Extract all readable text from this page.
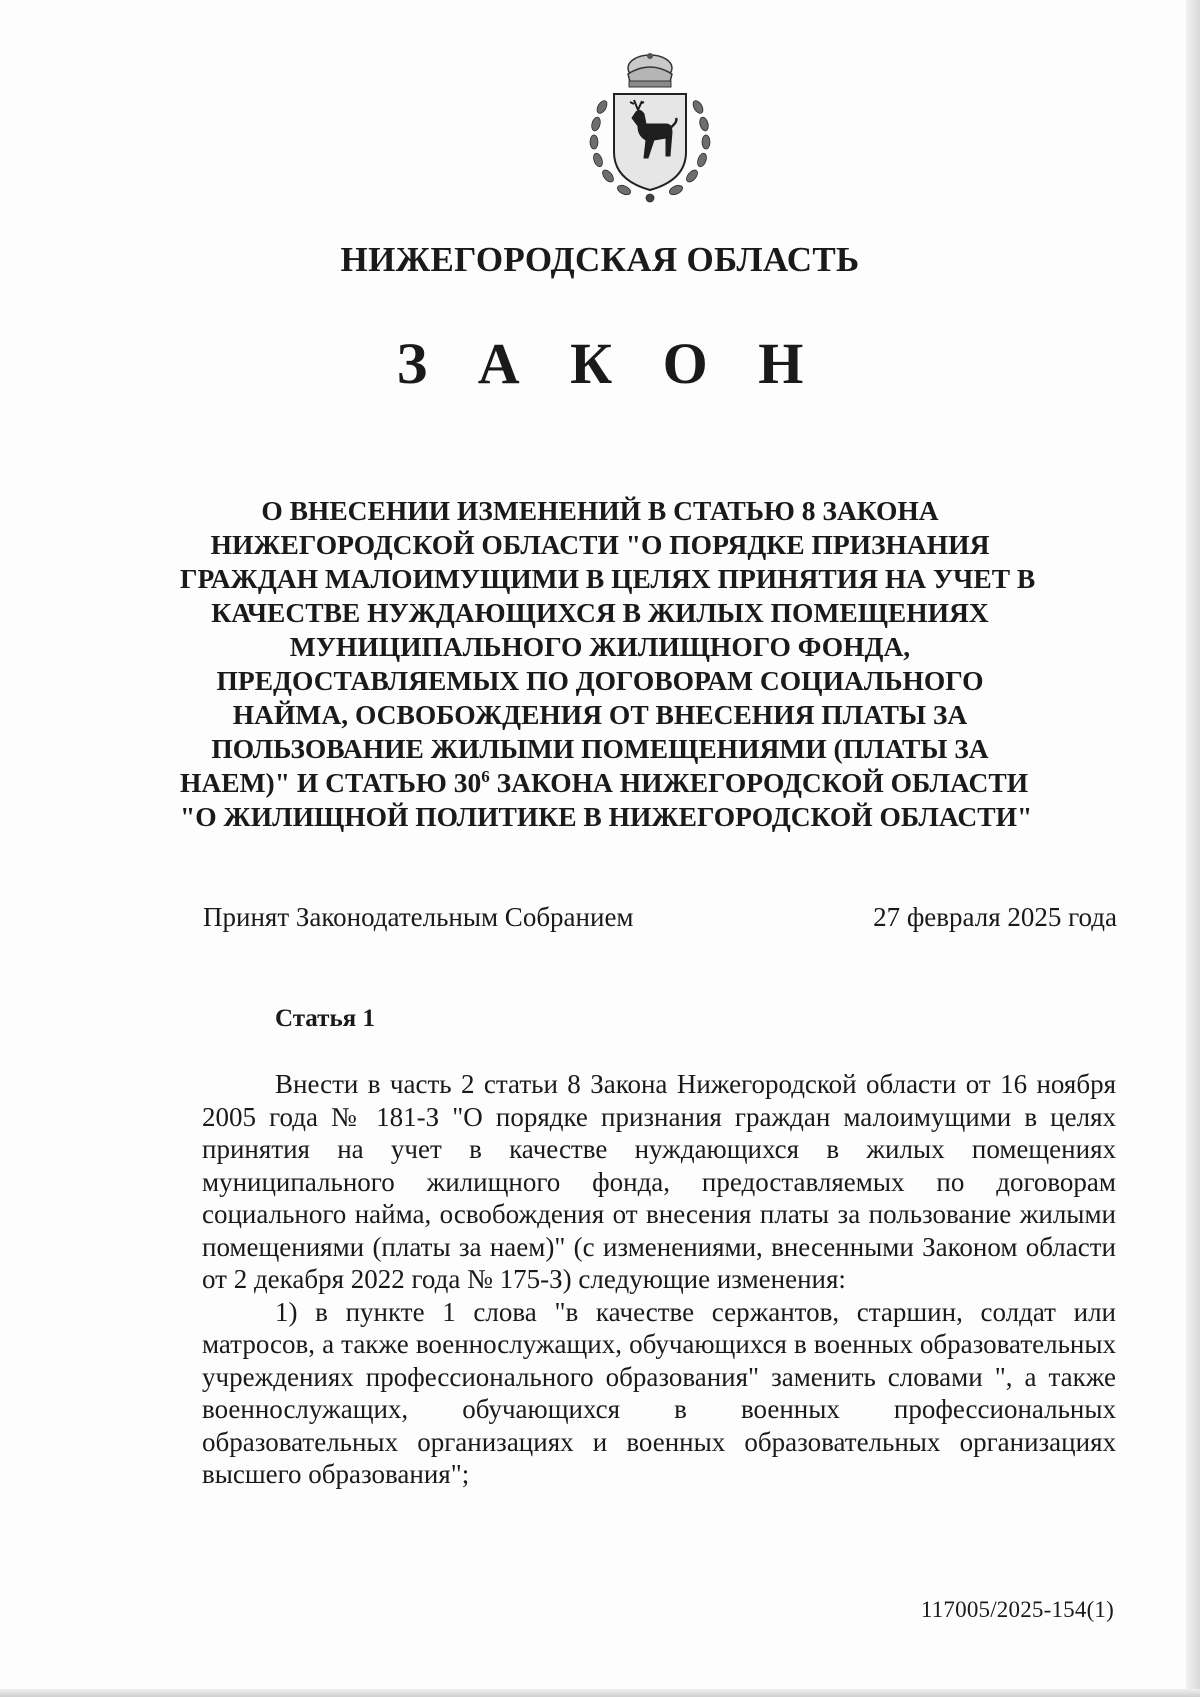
НИЖЕГОРОДСКАЯ ОБЛАСТЬ
З А К О Н
О ВНЕСЕНИИ ИЗМЕНЕНИЙ В СТАТЬЮ 8 ЗАКОНА
НИЖЕГОРОДСКОЙ ОБЛАСТИ "О ПОРЯДКЕ ПРИЗНАНИЯ
ГРАЖДАН МАЛОИМУЩИМИ В ЦЕЛЯХ ПРИНЯТИЯ НА УЧЕТ В
КАЧЕСТВЕ НУЖДАЮЩИХСЯ В ЖИЛЫХ ПОМЕЩЕНИЯХ
МУНИЦИПАЛЬНОГО ЖИЛИЩНОГО ФОНДА,
ПРЕДОСТАВЛЯЕМЫХ ПО ДОГОВОРАМ СОЦИАЛЬНОГО
НАЙМА, ОСВОБОЖДЕНИЯ ОТ ВНЕСЕНИЯ ПЛАТЫ ЗА
ПОЛЬЗОВАНИЕ ЖИЛЫМИ ПОМЕЩЕНИЯМИ (ПЛАТЫ ЗА
НАЕМ)" И СТАТЬЮ $30^6$ ЗАКОНА НИЖЕГОРОДСКОЙ ОБЛАСТИ
"О ЖИЛИЩНОЙ ПОЛИТИКЕ В НИЖЕГОРОДСКОЙ ОБЛАСТИ"
Принят Законодательным Собранием	27 февраля 2025 года
Статья 1

Внести в часть 2 статьи 8 Закона Нижегородской области от 16 ноября 2005 года № 181-З "О порядке признания граждан малоимущими в целях принятия на учет в качестве нуждающихся в жилых помещениях муниципального жилищного фонда, предоставляемых по договорам социального найма, освобождения от внесения платы за пользование жилыми помещениями (платы за наем)" (с изменениями, внесенными Законом области от 2 декабря 2022 года № 175-З) следующие изменения:

1) в пункте 1 слова "в качестве сержантов, старшин, солдат или матросов, а также военнослужащих, обучающихся в военных образовательных учреждениях профессионального образования" заменить словами ", а также военнослужащих, обучающихся в военных профессиональных образовательных организациях и военных образовательных организациях высшего образования";

117005/2025-154(1)
